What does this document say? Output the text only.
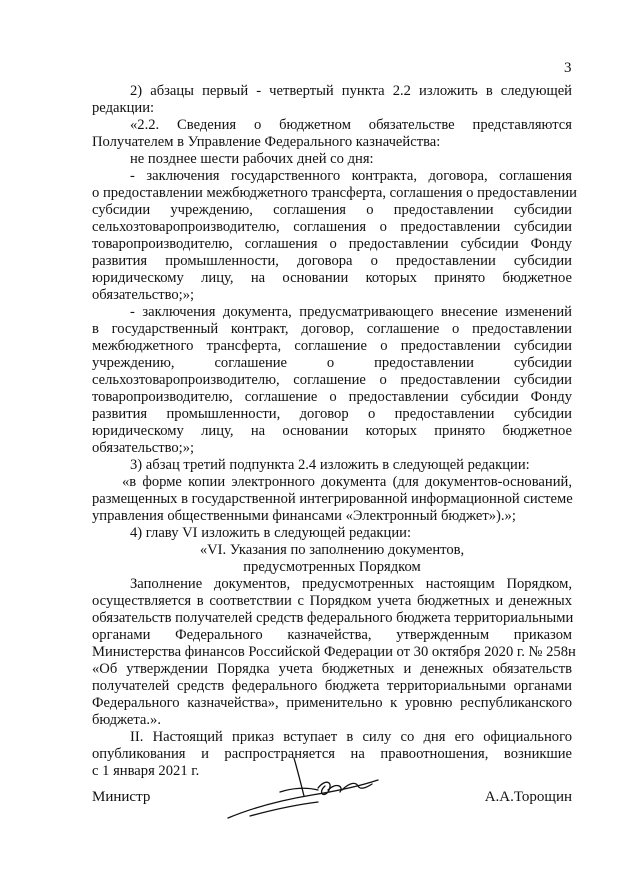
3
2) абзацы первый - четвертый пункта 2.2 изложить в следующей
редакции:
«2.2. Сведения о бюджетном обязательстве представляются
Получателем в Управление Федерального казначейства:
не позднее шести рабочих дней со дня:
- заключения государственного контракта, договора, соглашения
о предоставлении межбюджетного трансферта, соглашения о предоставлении
субсидии учреждению, соглашения о предоставлении субсидии
сельхозтоваропроизводителю, соглашения о предоставлении субсидии
товаропроизводителю, соглашения о предоставлении субсидии Фонду
развития промышленности, договора о предоставлении субсидии
юридическому лицу, на основании которых принято бюджетное
обязательство;»;
- заключения документа, предусматривающего внесение изменений
в государственный контракт, договор, соглашение о предоставлении
межбюджетного трансферта, соглашение о предоставлении субсидии
учреждению, соглашение о предоставлении субсидии
сельхозтоваропроизводителю, соглашение о предоставлении субсидии
товаропроизводителю, соглашение о предоставлении субсидии Фонду
развития промышленности, договор о предоставлении субсидии
юридическому лицу, на основании которых принято бюджетное
обязательство;»;
3) абзац третий подпункта 2.4 изложить в следующей редакции:
«в форме копии электронного документа (для документов-оснований,
размещенных в государственной интегрированной информационной системе
управления общественными финансами «Электронный бюджет»).»;
4) главу VI изложить в следующей редакции:
«VI. Указания по заполнению документов,
предусмотренных Порядком
Заполнение документов, предусмотренных настоящим Порядком,
осуществляется в соответствии с Порядком учета бюджетных и денежных
обязательств получателей средств федерального бюджета территориальными
органами Федерального казначейства, утвержденным приказом
Министерства финансов Российской Федерации от 30 октября 2020 г. № 258н
«Об утверждении Порядка учета бюджетных и денежных обязательств
получателей средств федерального бюджета территориальными органами
Федерального казначейства», применительно к уровню республиканского
бюджета.».
II. Настоящий приказ вступает в силу со дня его официального
опубликования и распространяется на правоотношения, возникшие
с 1 января 2021 г.
Министр	А.А.Торощин
